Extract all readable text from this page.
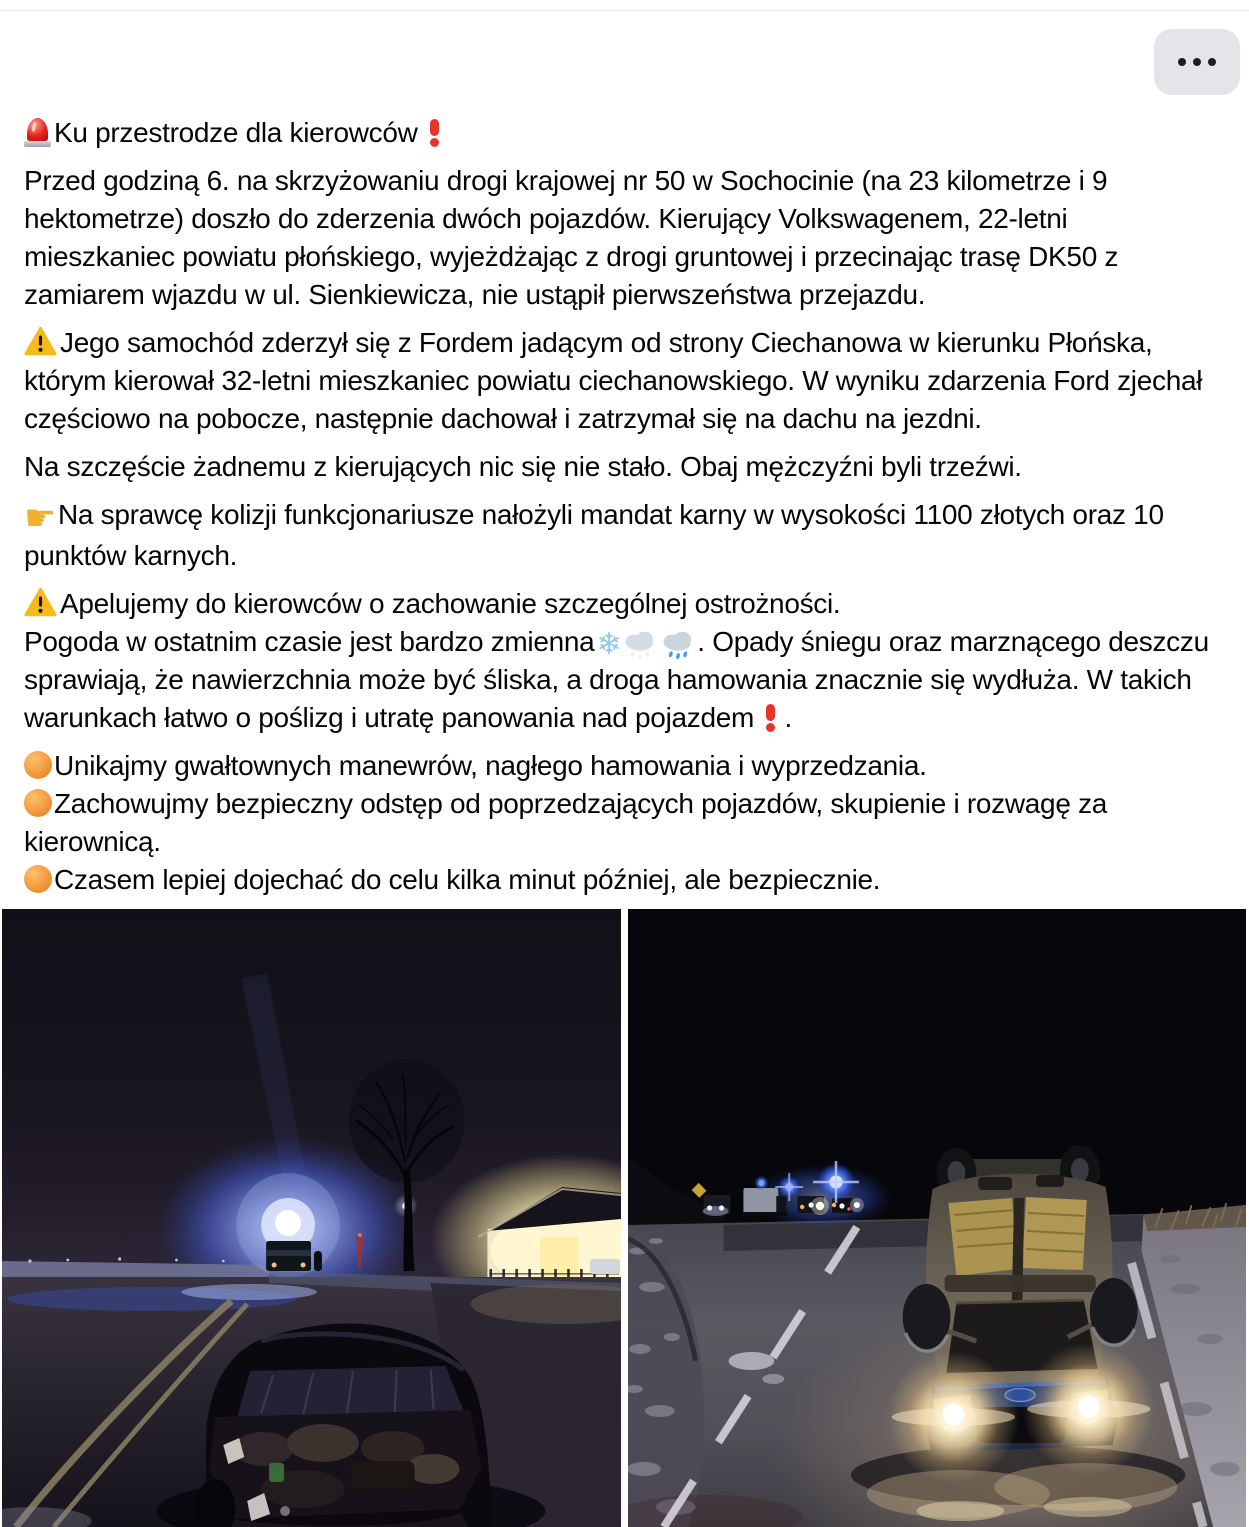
Ku przestrodze dla kierowców

Przed godziną 6. na skrzyżowaniu drogi krajowej nr 50 w Sochocinie (na 23 kilometrze i 9 hektometrze) doszło do zderzenia dwóch pojazdów. Kierujący Volkswagenem, 22-letni mieszkaniec powiatu płońskiego, wyjeżdżając z drogi gruntowej i przecinając trasę DK50 z zamiarem wjazdu w ul. Sienkiewicza, nie ustąpił pierwszeństwa przejazdu.

Jego samochód zderzył się z Fordem jadącym od strony Ciechanowa w kierunku Płońska, którym kierował 32-letni mieszkaniec powiatu ciechanowskiego. W wyniku zdarzenia Ford zjechał częściowo na pobocze, następnie dachował i zatrzymał się na dachu na jezdni.

Na szczęście żadnemu z kierujących nic się nie stało. Obaj mężczyźni byli trzeźwi.

☛ Na sprawcę kolizji funkcjonariusze nałożyli mandat karny w wysokości 1100 złotych oraz 10 punktów karnych.

Apelujemy do kierowców o zachowanie szczególnej ostrożności.
Pogoda w ostatnim czasie jest bardzo zmienna ❄	. Opady śniegu oraz marznącego deszczu sprawiają, że nawierzchnia może być śliska, a droga hamowania znacznie się wydłuża. W takich warunkach łatwo o poślizg i utratę panowania nad pojazdem
.

Unikajmy gwałtownych manewrów, nagłego hamowania i wyprzedzania.
Zachowujmy bezpieczny odstęp od poprzedzających pojazdów, skupienie i rozwagę za kierownicą.
Czasem lepiej dojechać do celu kilka minut później, ale bezpiecznie.
